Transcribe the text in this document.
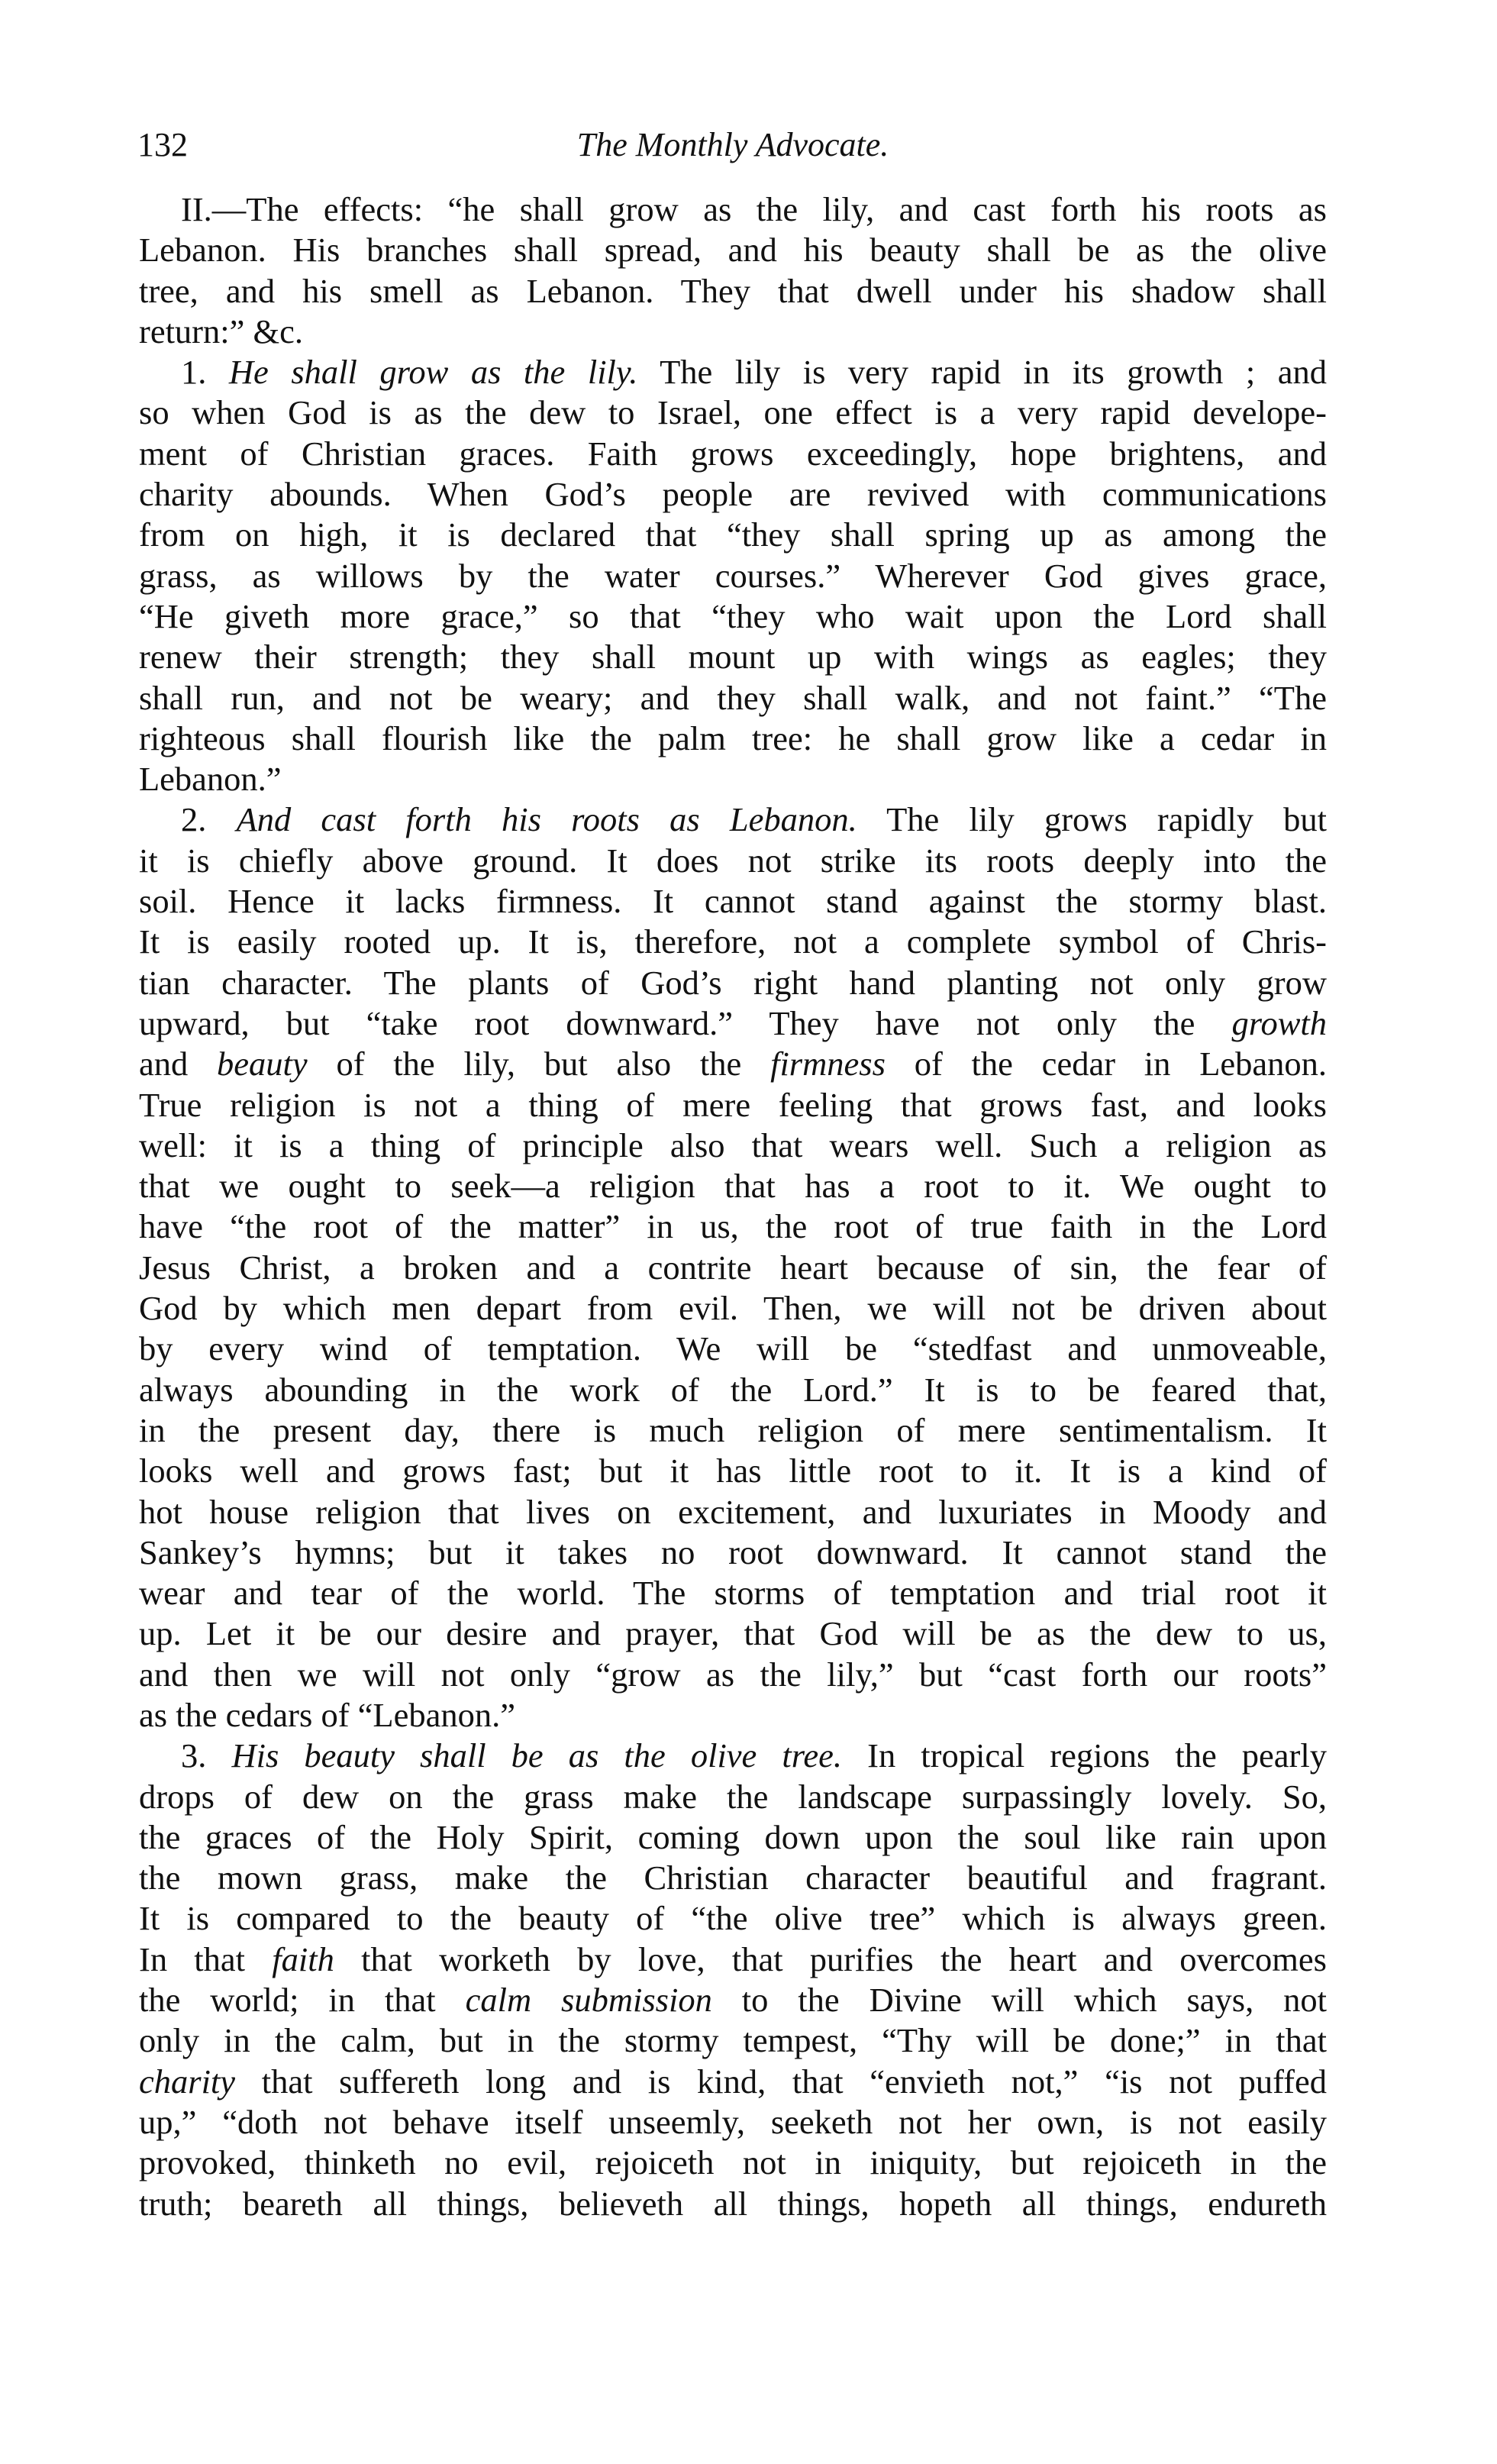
132	The Monthly Advocate.
II.—The effects: “he shall grow as the lily, and cast forth his roots as
Lebanon. His branches shall spread, and his beauty shall be as the olive
tree, and his smell as Lebanon. They that dwell under his shadow shall
return:” &c.
1. He shall grow as the lily. The lily is very rapid in its growth ; and
so when God is as the dew to Israel, one effect is a very rapid develope-
ment of Christian graces. Faith grows exceedingly, hope brightens, and
charity abounds. When God’s people are revived with communications
from on high, it is declared that “they shall spring up as among the
grass, as willows by the water courses.” Wherever God gives grace,
“He giveth more grace,” so that “they who wait upon the Lord shall
renew their strength; they shall mount up with wings as eagles; they
shall run, and not be weary; and they shall walk, and not faint.” “The
righteous shall flourish like the palm tree: he shall grow like a cedar in
Lebanon.”
2. And cast forth his roots as Lebanon. The lily grows rapidly but
it is chiefly above ground. It does not strike its roots deeply into the
soil. Hence it lacks firmness. It cannot stand against the stormy blast.
It is easily rooted up. It is, therefore, not a complete symbol of Chris-
tian character. The plants of God’s right hand planting not only grow
upward, but “take root downward.” They have not only the growth
and beauty of the lily, but also the firmness of the cedar in Lebanon.
True religion is not a thing of mere feeling that grows fast, and looks
well: it is a thing of principle also that wears well. Such a religion as
that we ought to seek—a religion that has a root to it. We ought to
have “the root of the matter” in us, the root of true faith in the Lord
Jesus Christ, a broken and a contrite heart because of sin, the fear of
God by which men depart from evil. Then, we will not be driven about
by every wind of temptation. We will be “stedfast and unmoveable,
always abounding in the work of the Lord.” It is to be feared that,
in the present day, there is much religion of mere sentimentalism. It
looks well and grows fast; but it has little root to it. It is a kind of
hot house religion that lives on excitement, and luxuriates in Moody and
Sankey’s hymns; but it takes no root downward. It cannot stand the
wear and tear of the world. The storms of temptation and trial root it
up. Let it be our desire and prayer, that God will be as the dew to us,
and then we will not only “grow as the lily,” but “cast forth our roots”
as the cedars of “Lebanon.”
3. His beauty shall be as the olive tree. In tropical regions the pearly
drops of dew on the grass make the landscape surpassingly lovely. So,
the graces of the Holy Spirit, coming down upon the soul like rain upon
the mown grass, make the Christian character beautiful and fragrant.
It is compared to the beauty of “the olive tree” which is always green.
In that faith that worketh by love, that purifies the heart and overcomes
the world; in that calm submission to the Divine will which says, not
only in the calm, but in the stormy tempest, “Thy will be done;” in that
charity that suffereth long and is kind, that “envieth not,” “is not puffed
up,” “doth not behave itself unseemly, seeketh not her own, is not easily
provoked, thinketh no evil, rejoiceth not in iniquity, but rejoiceth in the
truth; beareth all things, believeth all things, hopeth all things, endureth
